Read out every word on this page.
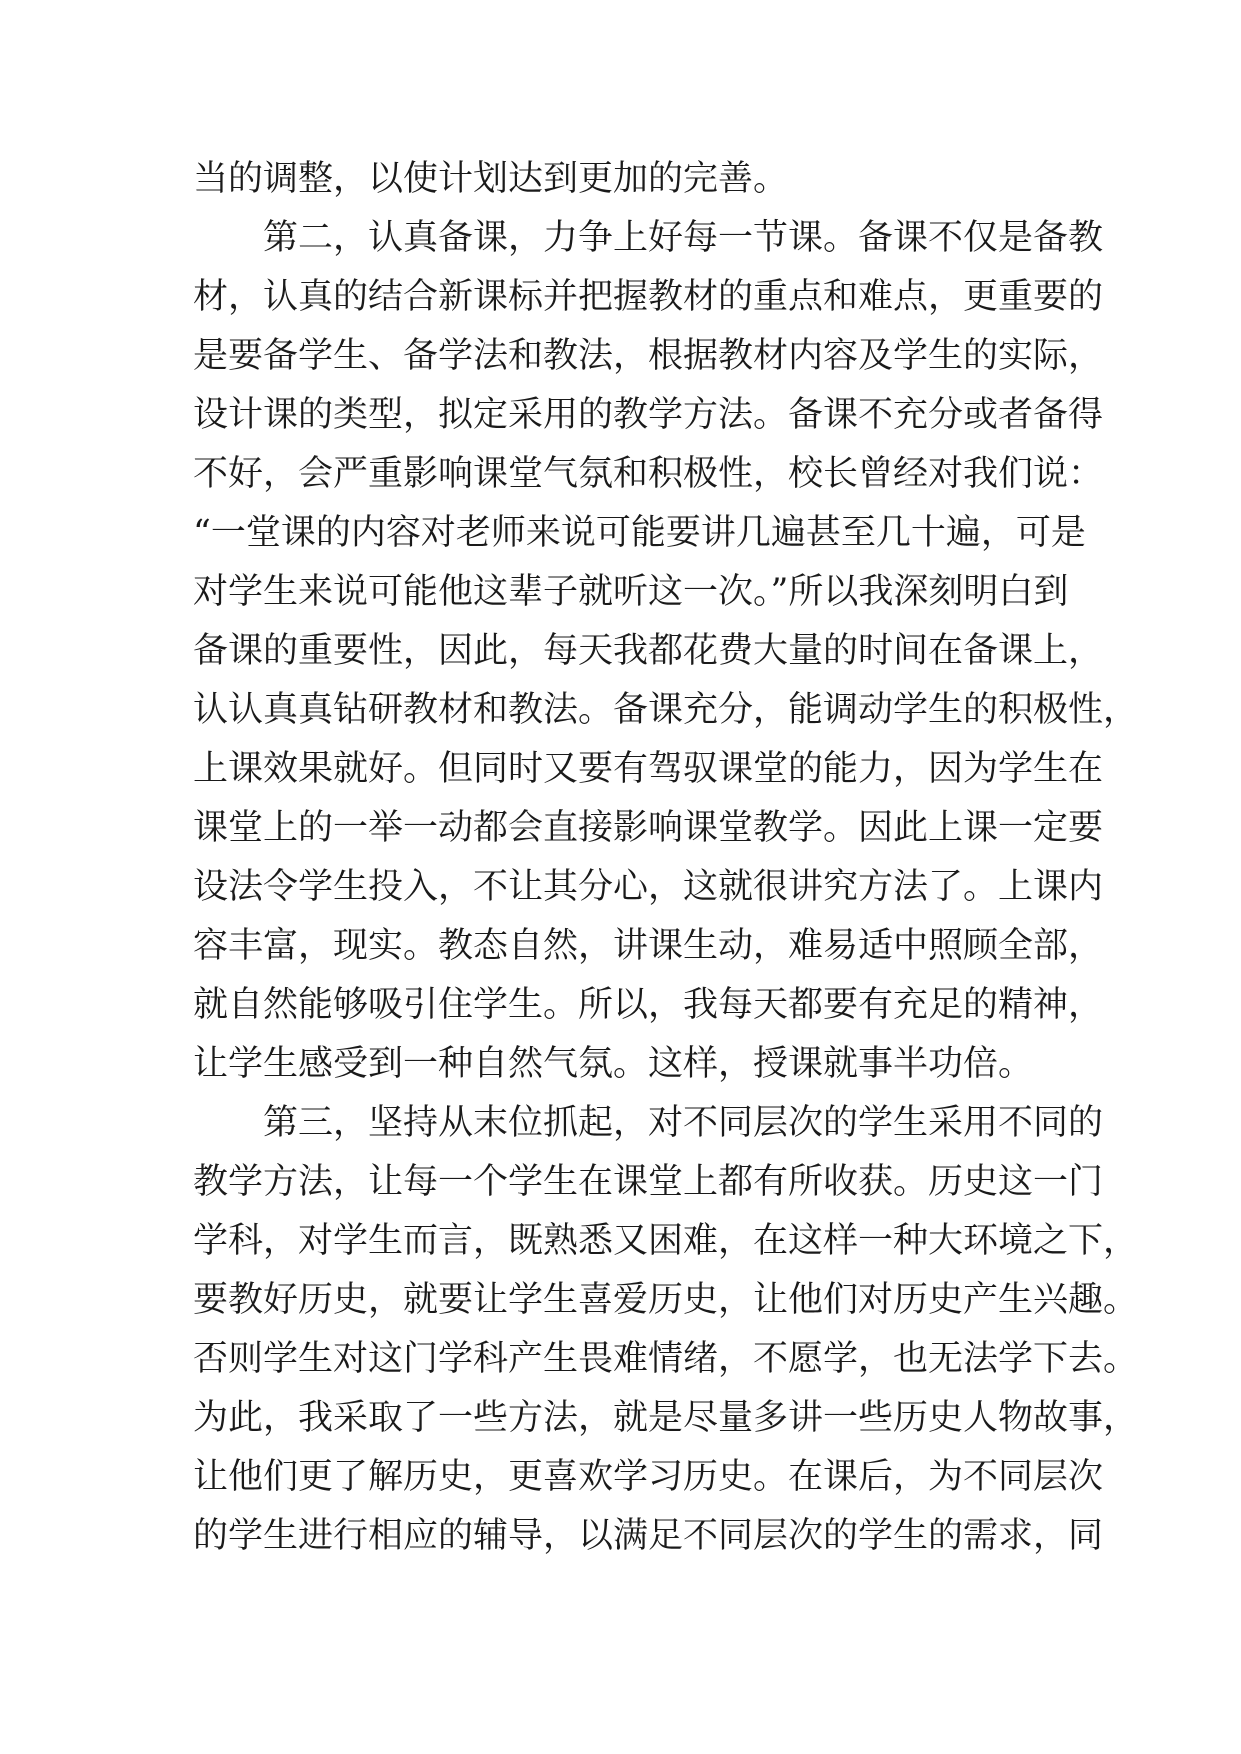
当的调整，以使计划达到更加的完善。
　　第二，认真备课，力争上好每一节课。备课不仅是备教
材，认真的结合新课标并把握教材的重点和难点，更重要的
是要备学生、备学法和教法，根据教材内容及学生的实际，
设计课的类型，拟定采用的教学方法。备课不充分或者备得
不好，会严重影响课堂气氛和积极性，校长曾经对我们说：
“一堂课的内容对老师来说可能要讲几遍甚至几十遍，可是
对学生来说可能他这辈子就听这一次。”所以我深刻明白到
备课的重要性，因此，每天我都花费大量的时间在备课上，
认认真真钻研教材和教法。备课充分，能调动学生的积极性，
上课效果就好。但同时又要有驾驭课堂的能力，因为学生在
课堂上的一举一动都会直接影响课堂教学。因此上课一定要
设法令学生投入，不让其分心，这就很讲究方法了。上课内
容丰富，现实。教态自然，讲课生动，难易适中照顾全部，
就自然能够吸引住学生。所以，我每天都要有充足的精神，
让学生感受到一种自然气氛。这样，授课就事半功倍。
　　第三，坚持从末位抓起，对不同层次的学生采用不同的
教学方法，让每一个学生在课堂上都有所收获。历史这一门
学科，对学生而言，既熟悉又困难，在这样一种大环境之下，
要教好历史，就要让学生喜爱历史，让他们对历史产生兴趣。
否则学生对这门学科产生畏难情绪，不愿学，也无法学下去。
为此，我采取了一些方法，就是尽量多讲一些历史人物故事，
让他们更了解历史，更喜欢学习历史。在课后，为不同层次
的学生进行相应的辅导，以满足不同层次的学生的需求，同
